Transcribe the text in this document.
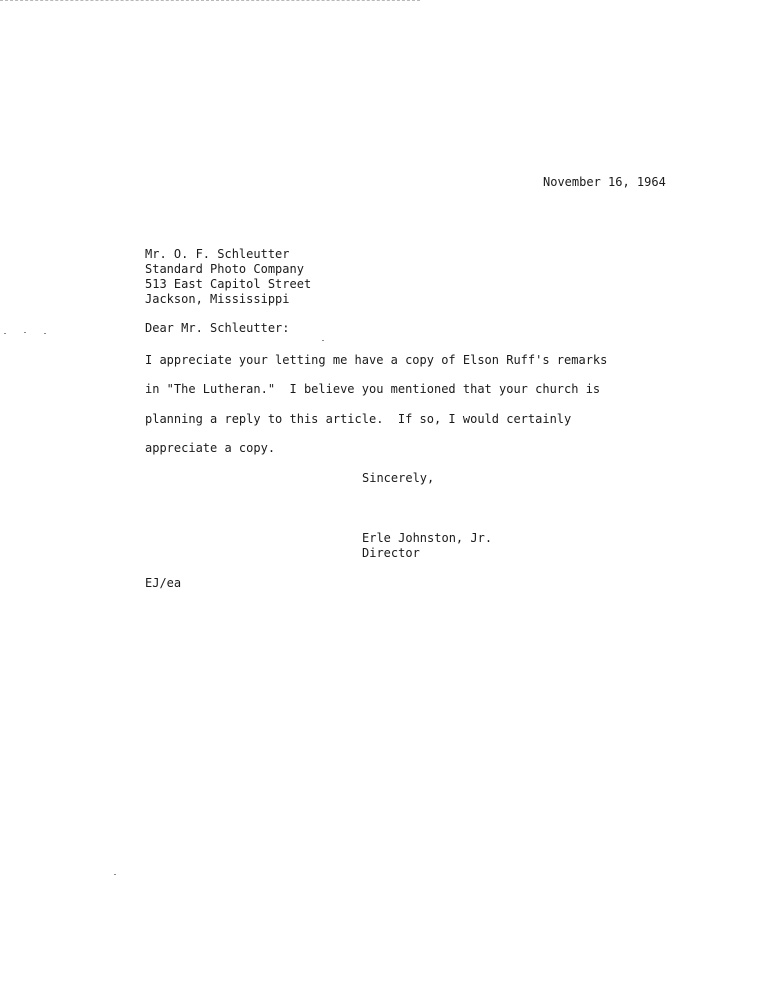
November 16, 1964
Mr. O. F. Schleutter
Standard Photo Company
513 East Capitol Street
Jackson, Mississippi
Dear Mr. Schleutter:
I appreciate your letting me have a copy of Elson Ruff's remarks
in "The Lutheran."  I believe you mentioned that your church is
planning a reply to this article.  If so, I would certainly
appreciate a copy.
Sincerely,
Erle Johnston, Jr.
Director
EJ/ea
